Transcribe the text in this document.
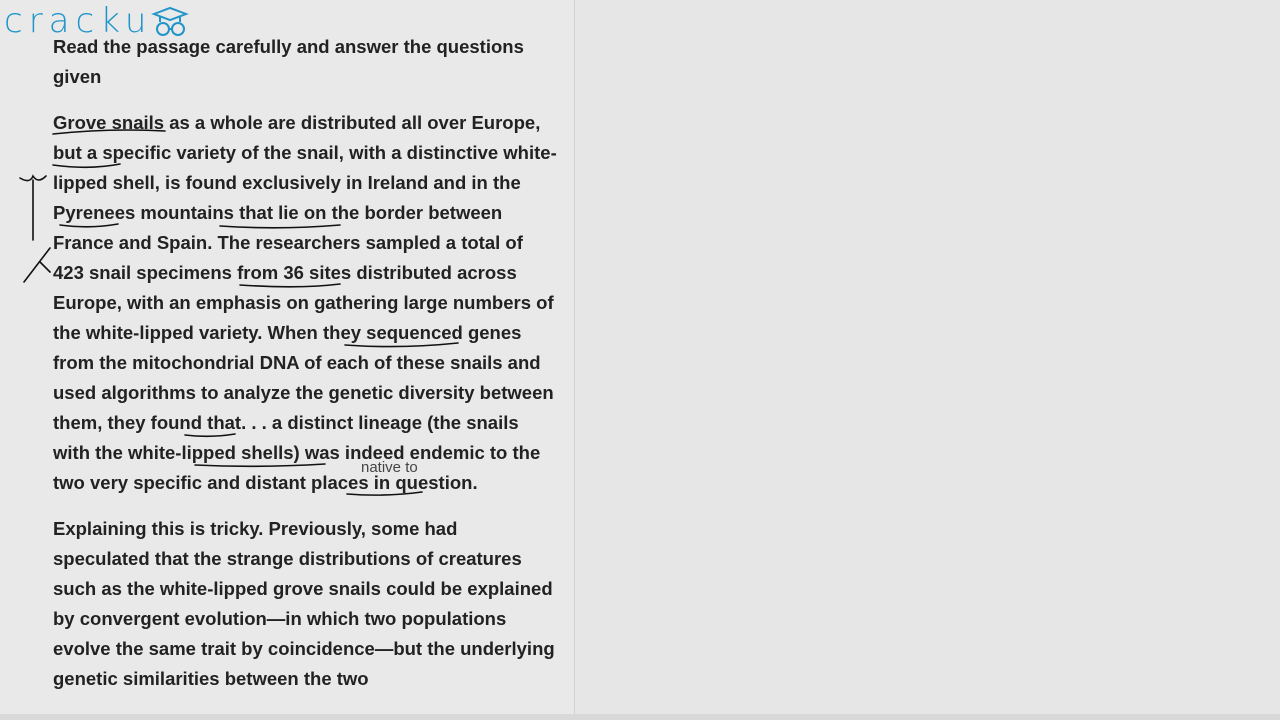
cracku

Read the passage carefully and answer the questions given

Grove snails as a whole are distributed all over Europe, but a specific variety of the snail, with a distinctive white-lipped shell, is found exclusively in Ireland and in the Pyrenees mountains that lie on the border between France and Spain. The researchers sampled a total of 423 snail specimens from 36 sites distributed across Europe, with an emphasis on gathering large numbers of the white-lipped variety. When they sequenced genes from the mitochondrial DNA of each of these snails and used algorithms to analyze the genetic diversity between them, they found that. . . a distinct lineage (the snails with the white-lipped shells) was indeed endemic to the two very specific and distant places in question.

Explaining this is tricky. Previously, some had speculated that the strange distributions of creatures such as the white-lipped grove snails could be explained by convergent evolution—in which two populations evolve the same trait by coincidence—but the underlying genetic similarities between the two

native to
